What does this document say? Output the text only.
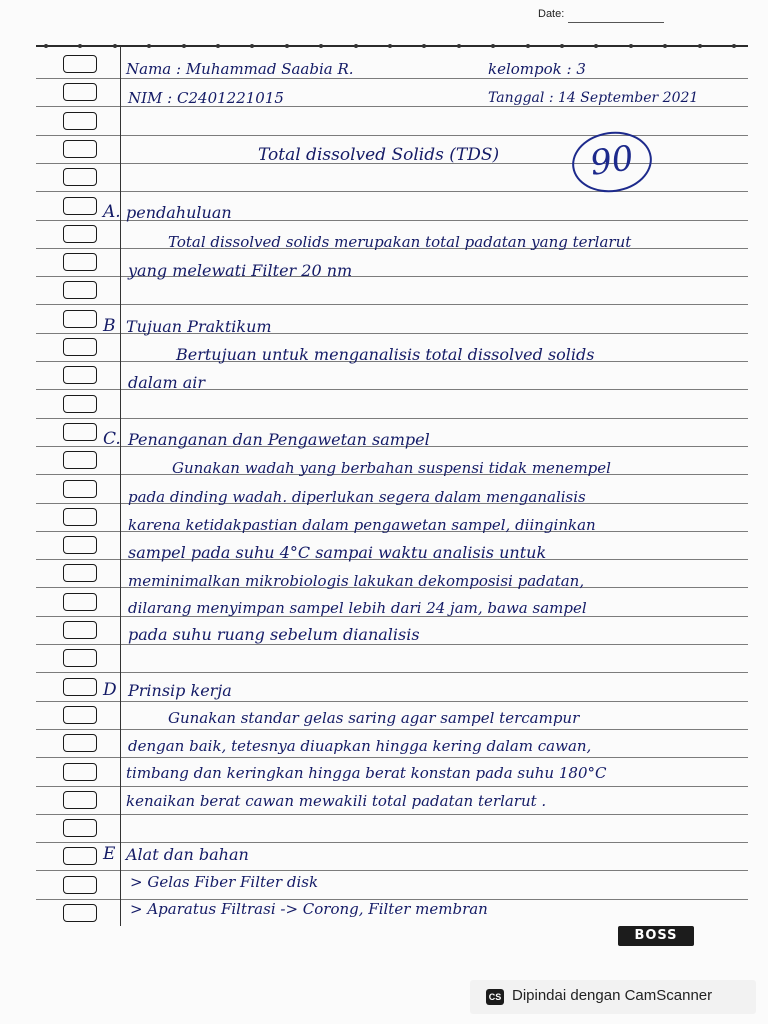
Date:

Nama : Muhammad Saabia R.	kelompok : 3

NIM : C2401221015	Tanggal : 14 September 2021

Total dissolved Solids (TDS)	90
A. pendahuluan

Total dissolved solids merupakan total padatan yang terlarut

yang melewati Filter 20 nm

B Tujuan Praktikum

Bertujuan untuk menganalisis total dissolved solids

dalam air

C. Penanganan dan Pengawetan sampel

Gunakan wadah yang berbahan suspensi tidak menempel

pada dinding wadah. diperlukan segera dalam menganalisis

karena ketidakpastian dalam pengawetan sampel, diinginkan

sampel pada suhu 4°C sampai waktu analisis untuk

meminimalkan mikrobiologis lakukan dekomposisi padatan,

dilarang menyimpan sampel lebih dari 24 jam, bawa sampel

pada suhu ruang sebelum dianalisis

D Prinsip kerja

Gunakan standar gelas saring agar sampel tercampur

dengan baik, tetesnya diuapkan hingga kering dalam cawan,

timbang dan keringkan hingga berat konstan pada suhu 180°C

kenaikan berat cawan mewakili total padatan terlarut .

E Alat dan bahan

> Gelas Fiber Filter disk

> Aparatus Filtrasi -> Corong, Filter membran

BOSS
CS Dipindai dengan CamScanner
